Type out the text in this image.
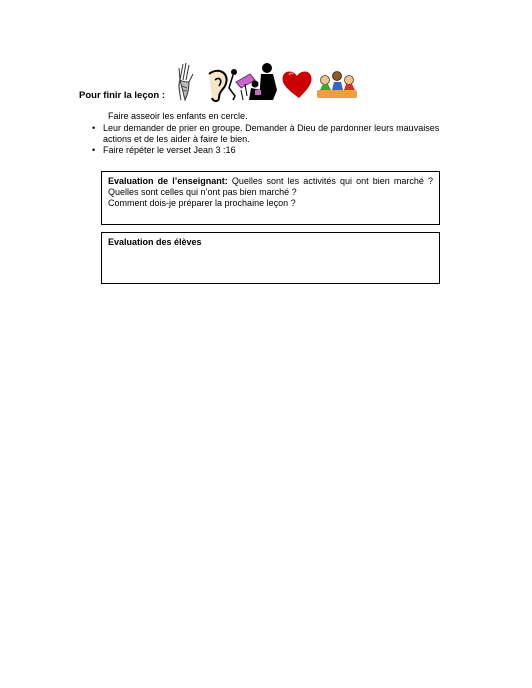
Pour finir la leçon :
Faire asseoir les enfants en cercle.
• Leur demander de prier en groupe. Demander à Dieu de pardonner leurs mauvaises actions et de les aider à faire le bien.
• Faire répéter le verset Jean 3 :16
Evaluation de l’enseignant: Quelles sont les activités qui ont bien marché ? Quelles sont celles qui n’ont pas bien marché ?
Comment dois-je préparer la prochaine leçon ?
Evaluation des élèves
